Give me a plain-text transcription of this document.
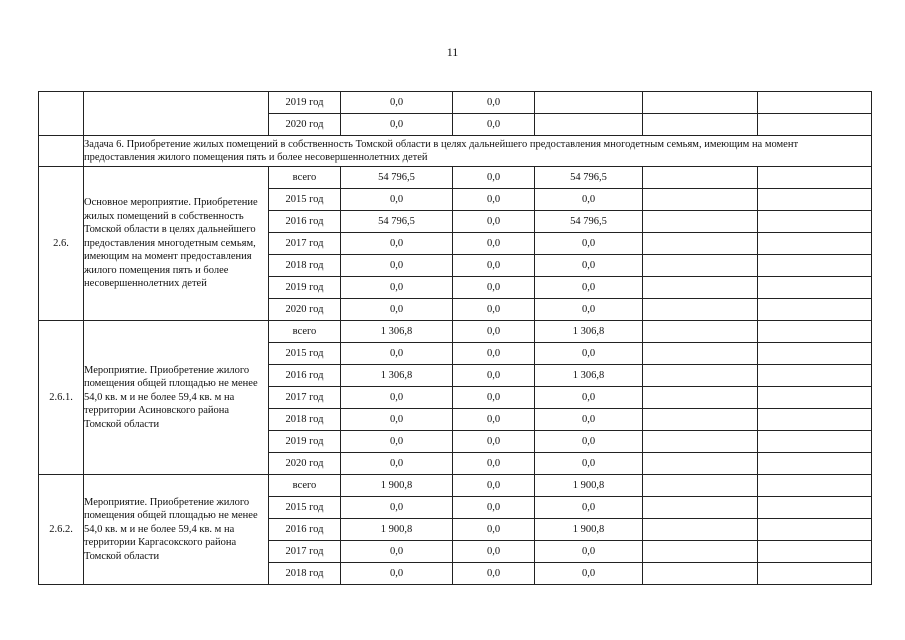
11
		2019 год	0,0	0,0			
		2020 год	0,0	0,0			
	Задача 6. Приобретение жилых помещений в собственность Томской области в целях дальнейшего предоставления многодетным семьям, имеющим на момент предоставления жилого помещения пять и более несовершеннолетних детей						
2.6.	Основное мероприятие. Приобретение жилых помещений в собственность Томской области в целях дальнейшего предоставления многодетным семьям, имеющим на момент предоставления жилого помещения пять и более несовершеннолетних детей	всего	54 796,5	0,0	54 796,5		
		2015 год	0,0	0,0	0,0		
		2016 год	54 796,5	0,0	54 796,5		
		2017 год	0,0	0,0	0,0		
		2018 год	0,0	0,0	0,0		
		2019 год	0,0	0,0	0,0		
		2020 год	0,0	0,0	0,0		
2.6.1.	Мероприятие. Приобретение жилого помещения общей площадью не менее 54,0 кв. м и не более 59,4 кв. м на территории Асиновского района Томской области	всего	1 306,8	0,0	1 306,8		
		2015 год	0,0	0,0	0,0		
		2016 год	1 306,8	0,0	1 306,8		
		2017 год	0,0	0,0	0,0		
		2018 год	0,0	0,0	0,0		
		2019 год	0,0	0,0	0,0		
		2020 год	0,0	0,0	0,0		
2.6.2.	Мероприятие. Приобретение жилого помещения общей площадью не менее 54,0 кв. м и не более 59,4 кв. м на территории Каргасокского района Томской области	всего	1 900,8	0,0	1 900,8		
		2015 год	0,0	0,0	0,0		
		2016 год	1 900,8	0,0	1 900,8		
		2017 год	0,0	0,0	0,0		
		2018 год	0,0	0,0	0,0		
